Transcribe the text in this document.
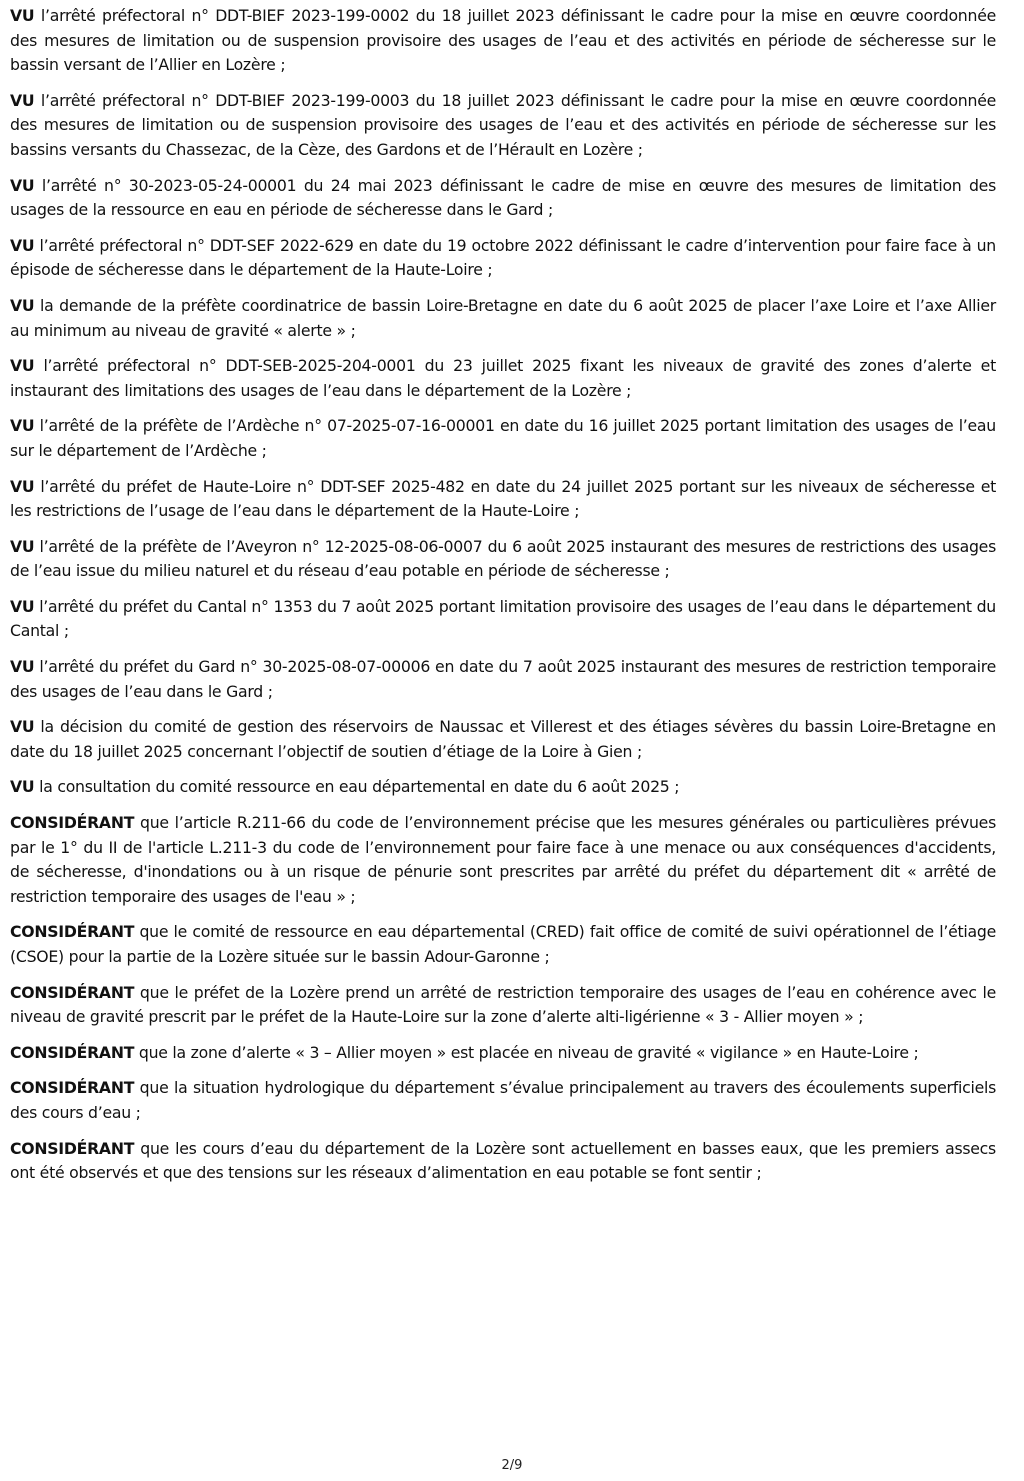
VU l’arrêté préfectoral n° DDT-BIEF 2023-199-0002 du 18 juillet 2023 définissant le cadre pour la mise en œuvre coordonnée des mesures de limitation ou de suspension provisoire des usages de l’eau et des activités en période de sécheresse sur le bassin versant de l’Allier en Lozère ;

VU l’arrêté préfectoral n° DDT-BIEF 2023-199-0003 du 18 juillet 2023 définissant le cadre pour la mise en œuvre coordonnée des mesures de limitation ou de suspension provisoire des usages de l’eau et des activités en période de sécheresse sur les bassins versants du Chassezac, de la Cèze, des Gardons et de l’Hérault en Lozère ;

VU l’arrêté n° 30-2023-05-24-00001 du 24 mai 2023 définissant le cadre de mise en œuvre des mesures de limitation des usages de la ressource en eau en période de sécheresse dans le Gard ;

VU l’arrêté préfectoral n° DDT-SEF 2022-629 en date du 19 octobre 2022 définissant le cadre d’intervention pour faire face à un épisode de sécheresse dans le département de la Haute-Loire ;

VU la demande de la préfète coordinatrice de bassin Loire-Bretagne en date du 6 août 2025 de placer l’axe Loire et l’axe Allier au minimum au niveau de gravité « alerte » ;

VU l’arrêté préfectoral n° DDT-SEB-2025-204-0001 du 23 juillet 2025 fixant les niveaux de gravité des zones d’alerte et instaurant des limitations des usages de l’eau dans le département de la Lozère ;

VU l’arrêté de la préfète de l’Ardèche n° 07-2025-07-16-00001 en date du 16 juillet 2025 portant limitation des usages de l’eau sur le département de l’Ardèche ;

VU l’arrêté du préfet de Haute-Loire n° DDT-SEF 2025-482 en date du 24 juillet 2025 portant sur les niveaux de sécheresse et les restrictions de l’usage de l’eau dans le département de la Haute-Loire ;

VU l’arrêté de la préfète de l’Aveyron n° 12-2025-08-06-0007 du 6 août 2025 instaurant des mesures de restrictions des usages de l’eau issue du milieu naturel et du réseau d’eau potable en période de sécheresse ;

VU l’arrêté du préfet du Cantal n° 1353 du 7 août 2025 portant limitation provisoire des usages de l’eau dans le département du Cantal ;

VU l’arrêté du préfet du Gard n° 30-2025-08-07-00006 en date du 7 août 2025 instaurant des mesures de restriction temporaire des usages de l’eau dans le Gard ;

VU la décision du comité de gestion des réservoirs de Naussac et Villerest et des étiages sévères du bassin Loire-Bretagne en date du 18 juillet 2025 concernant l’objectif de soutien d’étiage de la Loire à Gien ;

VU la consultation du comité ressource en eau départemental en date du 6 août 2025 ;

CONSIDÉRANT que l’article R.211-66 du code de l’environnement précise que les mesures générales ou particulières prévues par le 1° du II de l'article L.211-3 du code de l’environnement pour faire face à une menace ou aux conséquences d'accidents, de sécheresse, d'inondations ou à un risque de pénurie sont prescrites par arrêté du préfet du département dit « arrêté de restriction temporaire des usages de l'eau » ;

CONSIDÉRANT que le comité de ressource en eau départemental (CRED) fait office de comité de suivi opérationnel de l’étiage (CSOE) pour la partie de la Lozère située sur le bassin Adour-Garonne ;

CONSIDÉRANT que le préfet de la Lozère prend un arrêté de restriction temporaire des usages de l’eau en cohérence avec le niveau de gravité prescrit par le préfet de la Haute-Loire sur la zone d’alerte alti-ligérienne « 3 - Allier moyen » ;

CONSIDÉRANT que la zone d’alerte « 3 – Allier moyen » est placée en niveau de gravité « vigilance » en Haute-Loire ;

CONSIDÉRANT que la situation hydrologique du département s’évalue principalement au travers des écoulements superficiels des cours d’eau ;

CONSIDÉRANT que les cours d’eau du département de la Lozère sont actuellement en basses eaux, que les premiers assecs ont été observés et que des tensions sur les réseaux d’alimentation en eau potable se font sentir ;

2/9
